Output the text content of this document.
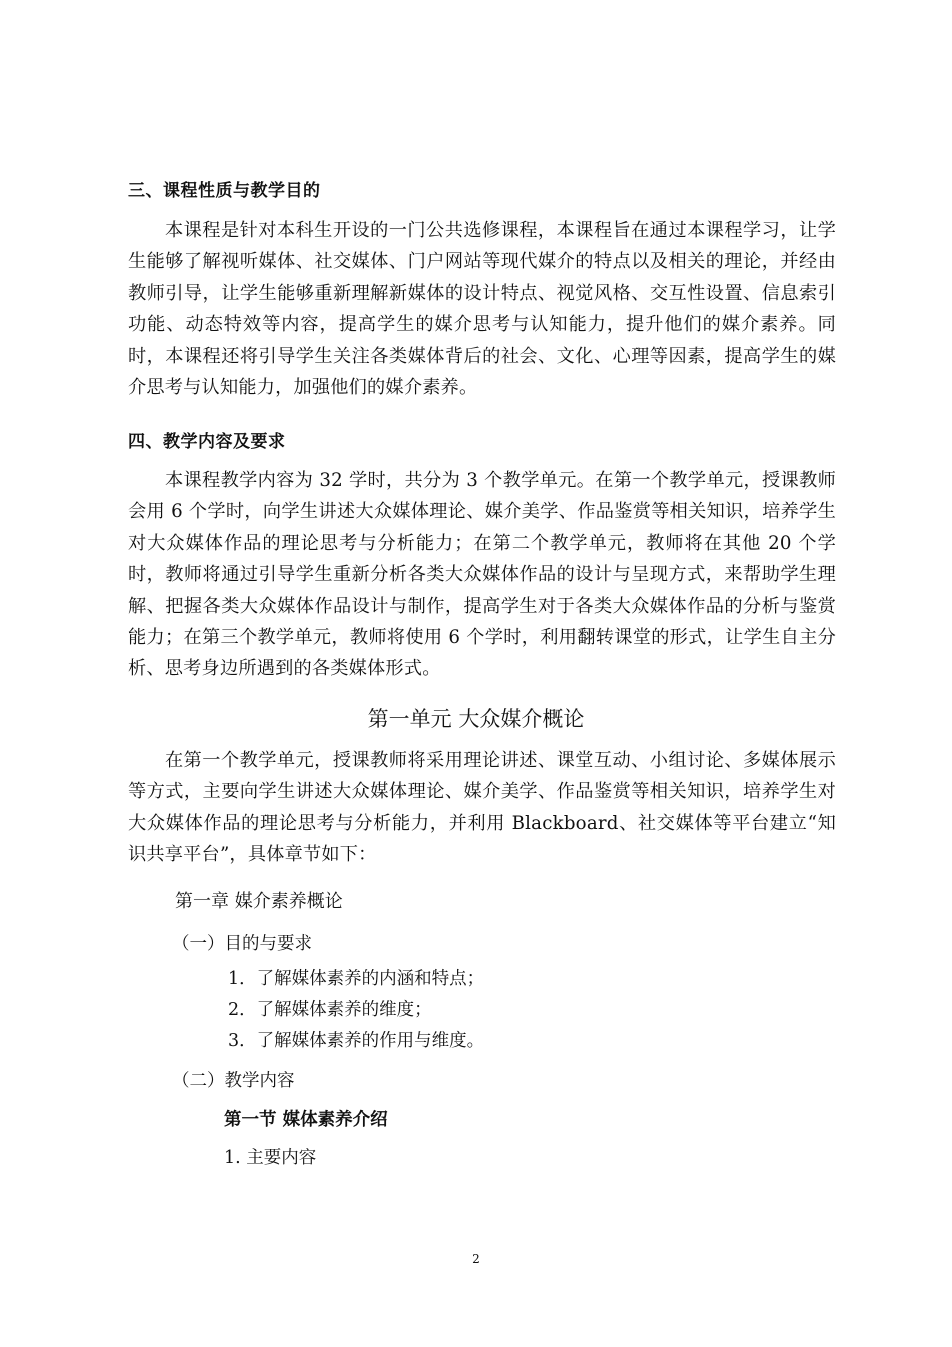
三、课程性质与教学目的

本课程是针对本科生开设的一门公共选修课程，本课程旨在通过本课程学习，让学生能够了解视听媒体、社交媒体、门户网站等现代媒介的特点以及相关的理论，并经由教师引导，让学生能够重新理解新媒体的设计特点、视觉风格、交互性设置、信息索引功能、动态特效等内容，提高学生的媒介思考与认知能力，提升他们的媒介素养。同时，本课程还将引导学生关注各类媒体背后的社会、文化、心理等因素，提高学生的媒介思考与认知能力，加强他们的媒介素养。

四、教学内容及要求

本课程教学内容为 32 学时，共分为 3 个教学单元。在第一个教学单元，授课教师会用 6 个学时，向学生讲述大众媒体理论、媒介美学、作品鉴赏等相关知识，培养学生对大众媒体作品的理论思考与分析能力；在第二个教学单元，教师将在其他 20 个学时，教师将通过引导学生重新分析各类大众媒体作品的设计与呈现方式，来帮助学生理解、把握各类大众媒体作品设计与制作，提高学生对于各类大众媒体作品的分析与鉴赏能力；在第三个教学单元，教师将使用 6 个学时，利用翻转课堂的形式，让学生自主分析、思考身边所遇到的各类媒体形式。

第一单元 大众媒介概论

在第一个教学单元，授课教师将采用理论讲述、课堂互动、小组讨论、多媒体展示等方式，主要向学生讲述大众媒体理论、媒介美学、作品鉴赏等相关知识，培养学生对大众媒体作品的理论思考与分析能力，并利用 Blackboard、社交媒体等平台建立“知识共享平台”，具体章节如下：

第一章 媒介素养概论
（一）目的与要求
1．了解媒体素养的内涵和特点；
2．了解媒体素养的维度；
3．了解媒体素养的作用与维度。
（二）教学内容
第一节 媒体素养介绍
1. 主要内容
2
